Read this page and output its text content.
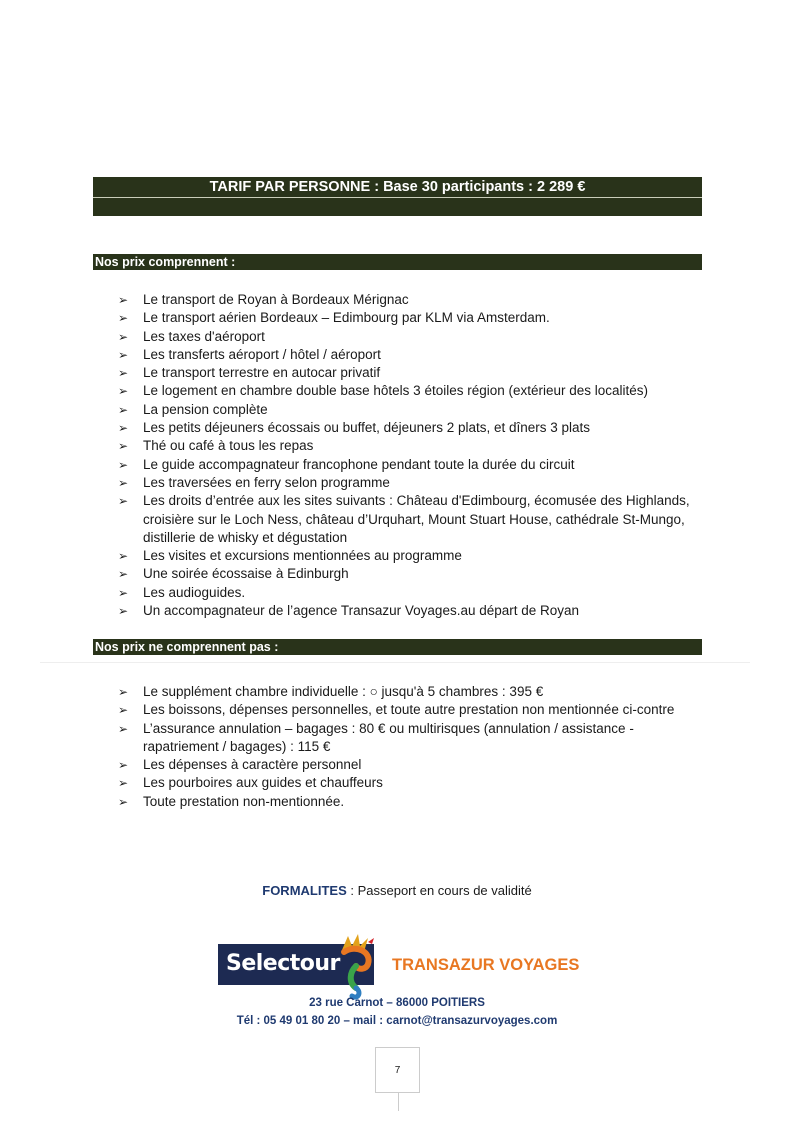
TARIF PAR PERSONNE : Base 30 participants : 2 289 €
Nos prix comprennent :
➢ Le transport de Royan à Bordeaux Mérignac
➢ Le transport aérien Bordeaux – Edimbourg par KLM via Amsterdam.
➢ Les taxes d'aéroport
➢ Les transferts aéroport / hôtel / aéroport
➢ Le transport terrestre en autocar privatif
➢ Le logement en chambre double base hôtels 3 étoiles région (extérieur des localités)
➢ La pension complète
➢ Les petits déjeuners écossais ou buffet, déjeuners 2 plats, et dîners 3 plats
➢ Thé ou café à tous les repas
➢ Le guide accompagnateur francophone pendant toute la durée du circuit
➢ Les traversées en ferry selon programme
➢ Les droits d’entrée aux les sites suivants : Château d'Edimbourg, écomusée des Highlands, croisière sur le Loch Ness, château d’Urquhart, Mount Stuart House, cathédrale St-Mungo, distillerie de whisky et dégustation
➢ Les visites et excursions mentionnées au programme
➢ Une soirée écossaise à Edinburgh
➢ Les audioguides.
➢ Un accompagnateur de l’agence Transazur Voyages.au départ de Royan
Nos prix ne comprennent pas :
➢ Le supplément chambre individuelle : ○ jusqu'à 5 chambres : 395 €
➢ Les boissons, dépenses personnelles, et toute autre prestation non mentionnée ci-contre
➢ L’assurance annulation – bagages : 80 € ou multirisques (annulation / assistance - rapatriement / bagages) : 115 €
➢ Les dépenses à caractère personnel
➢ Les pourboires aux guides et chauffeurs
➢ Toute prestation non-mentionnée.
FORMALITES : Passeport en cours de validité
Selectour	TRANSAZUR VOYAGES
23 rue Carnot – 86000 POITIERS
Tél : 05 49 01 80 20 – mail : carnot@transazurvoyages.com
7
